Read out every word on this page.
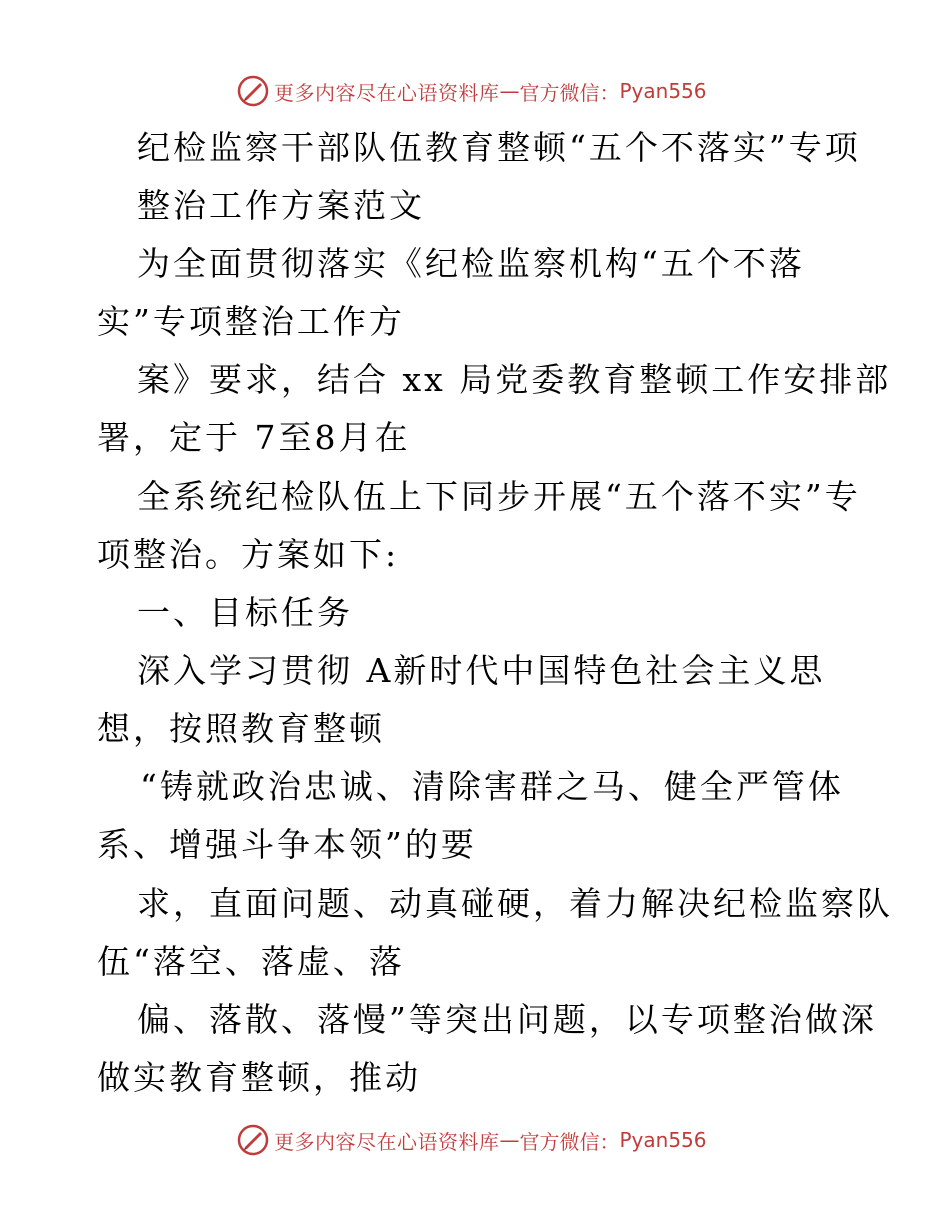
更多内容尽在心语资料库 — 官方微信： Pyan556
纪检监察干部队伍教育整顿“五个不落实”专项
整治工作方案范文
为全面贯彻落实《纪检监察机构“五个不落
实”专项整治工作方
案》要求，结合 xx 局党委教育整顿工作安排部
署，定于 7至8月在
全系统纪检队伍上下同步开展“五个落不实”专
项整治。方案如下:
一、目标任务
深入学习贯彻 A新时代中国特色社会主义思
想，按照教育整顿
“铸就政治忠诚、清除害群之马、健全严管体
系、增强斗争本领”的要
求，直面问题、动真碰硬，着力解决纪检监察队
伍“落空、落虚、落
偏、落散、落慢”等突出问题，以专项整治做深
做实教育整顿，推动
更多内容尽在心语资料库 — 官方微信： Pyan556
